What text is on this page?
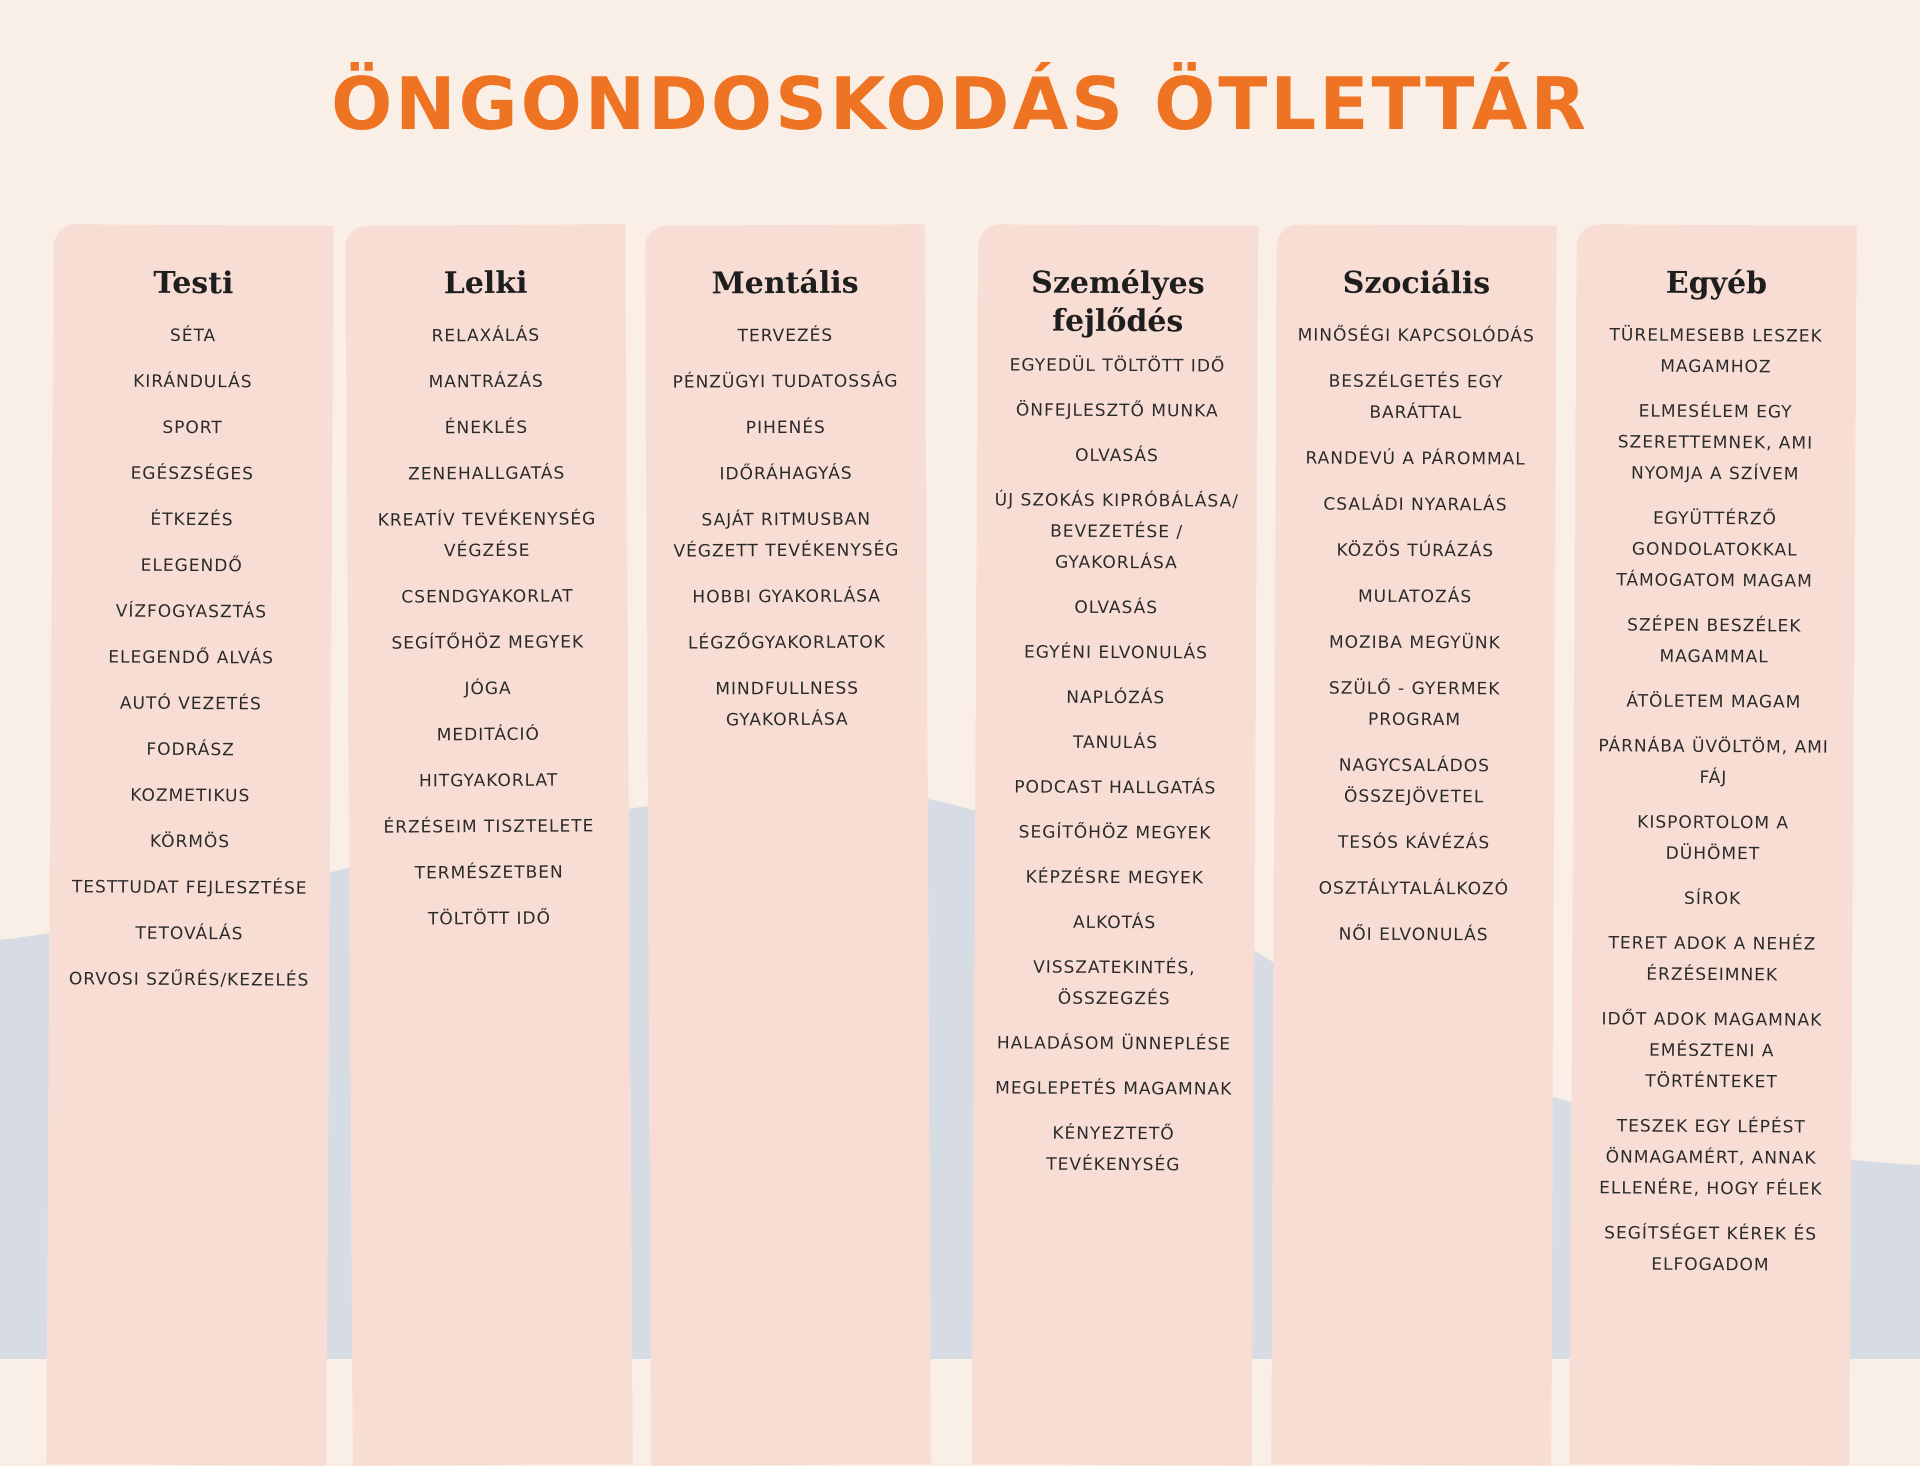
ÖNGONDOSKODÁS ÖTLETTÁR
Testi
SÉTA
KIRÁNDULÁS
SPORT
EGÉSZSÉGES
ÉTKEZÉS
ELEGENDŐ
VÍZFOGYASZTÁS
ELEGENDŐ ALVÁS
AUTÓ VEZETÉS
FODRÁSZ
KOZMETIKUS
KÖRMÖS
TESTTUDAT FEJLESZTÉSE
TETOVÁLÁS
ORVOSI SZŰRÉS/KEZELÉS
Lelki
RELAXÁLÁS
MANTRÁZÁS
ÉNEKLÉS
ZENEHALLGATÁS
KREATÍV TEVÉKENYSÉG VÉGZÉSE
CSENDGYAKORLAT
SEGÍTŐHÖZ MEGYEK
JÓGA
MEDITÁCIÓ
HITGYAKORLAT
ÉRZÉSEIM TISZTELETE
TERMÉSZETBEN
TÖLTÖTT IDŐ
Mentális
TERVEZÉS
PÉNZÜGYI TUDATOSSÁG
PIHENÉS
IDŐRÁHAGYÁS
SAJÁT RITMUSBAN VÉGZETT TEVÉKENYSÉG
HOBBI GYAKORLÁSA
LÉGZŐGYAKORLATOK
MINDFULLNESS GYAKORLÁSA
Személyes fejlődés
EGYEDÜL TÖLTÖTT IDŐ
ÖNFEJLESZTŐ MUNKA
OLVASÁS
ÚJ SZOKÁS KIPRÓBÁLÁSA/ BEVEZETÉSE / GYAKORLÁSA
OLVASÁS
EGYÉNI ELVONULÁS
NAPLÓZÁS
TANULÁS
PODCAST HALLGATÁS
SEGÍTŐHÖZ MEGYEK
KÉPZÉSRE MEGYEK
ALKOTÁS
VISSZATEKINTÉS, ÖSSZEGZÉS
HALADÁSOM ÜNNEPLÉSE
MEGLEPETÉS MAGAMNAK
KÉNYEZTETŐ TEVÉKENYSÉG
Szociális
MINŐSÉGI KAPCSOLÓDÁS
BESZÉLGETÉS EGY BARÁTTAL
RANDEVÚ A PÁROMMAL
CSALÁDI NYARALÁS
KÖZÖS TÚRÁZÁS
MULATOZÁS
MOZIBA MEGYÜNK
SZÜLŐ - GYERMEK PROGRAM
NAGYCSALÁDOS ÖSSZEJÖVETEL
TESÓS KÁVÉZÁS
OSZTÁLYTALÁLKOZÓ
NŐI ELVONULÁS
Egyéb
TÜRELMESEBB LESZEK MAGAMHOZ
ELMESÉLEM EGY SZERETTEMNEK, AMI NYOMJA A SZÍVEM
EGYÜTTÉRZŐ GONDOLATOKKAL TÁMOGATOM MAGAM
SZÉPEN BESZÉLEK MAGAMMAL
ÁTÖLETEM MAGAM
PÁRNÁBA ÜVÖLTÖM, AMI FÁJ
KISPORTOLOM A DÜHÖMET
SÍROK
TERET ADOK A NEHÉZ ÉRZÉSEIMNEK
IDŐT ADOK MAGAMNAK EMÉSZTENI A TÖRTÉNTEKET
TESZEK EGY LÉPÉST ÖNMAGAMÉRT, ANNAK ELLENÉRE, HOGY FÉLEK
SEGÍTSÉGET KÉREK ÉS ELFOGADOM
